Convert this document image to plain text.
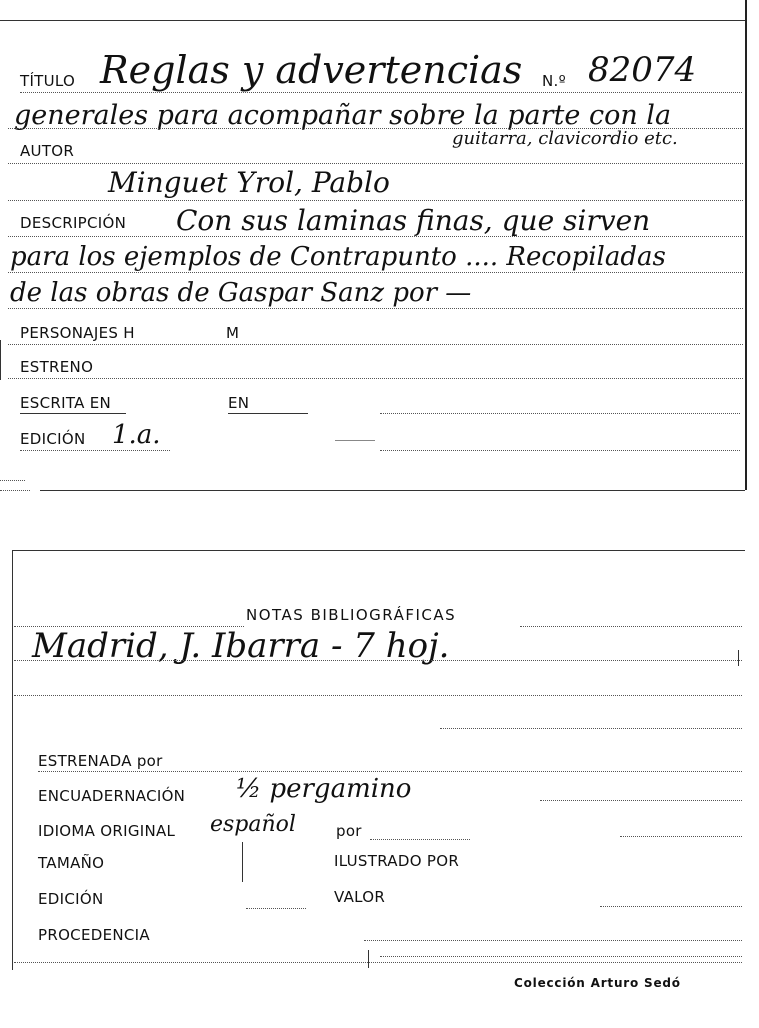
TÍTULO Reglas y advertencias N.º 82074
generales para acompañar sobre la parte con la
guitarra, clavicordio etc.
AUTOR
Minguet Yrol, Pablo
DESCRIPCIÓN Con sus laminas finas, que sirven
para los ejemplos de Contrapunto .... Recopiladas
de las obras de Gaspar Sanz por —
PERSONAJES H	M
ESTRENO
ESCRITA EN	EN
EDICIÓN 1.a.
NOTAS BIBLIOGRÁFICAS
Madrid, J. Ibarra - 7 hoj.
ESTRENADA por
ENCUADERNACIÓN ½ pergamino
IDIOMA ORIGINAL español	por
TAMAÑO	ILUSTRADO POR
EDICIÓN	VALOR
PROCEDENCIA
Colección Arturo Sedó
